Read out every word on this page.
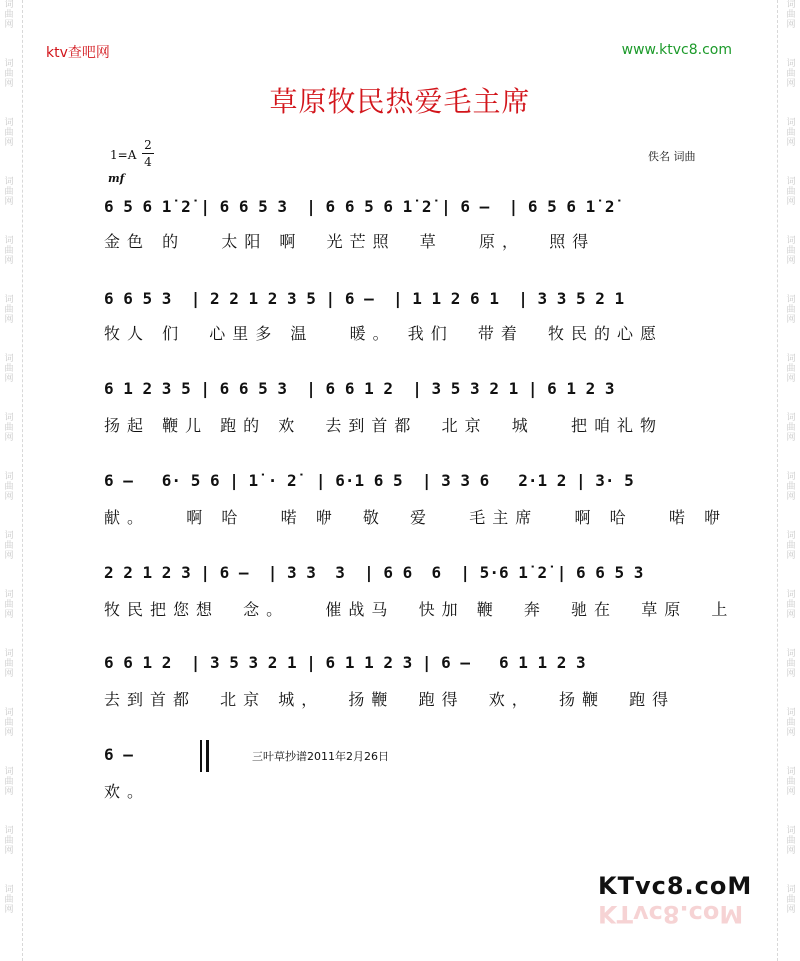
词
曲
网
词
曲
网
词
曲
网
词
曲
网
词
曲
网
词
曲
网
词
曲
网
词
曲
网
词
曲
网
词
曲
网
词
曲
网
词
曲
网
词
曲
网
词
曲
网
词
曲
网
词
曲
网
词
曲
网
词
曲
网
词
曲
网
词
曲
网
词
曲
网
词
曲
网
词
曲
网
词
曲
网
词
曲
网
词
曲
网
词
曲
网
词
曲
网
词
曲
网
词
曲
网
词
曲
网
词
曲
网
ktv查吧网	www.ktvc8.com
草原牧民热爱毛主席
1=A
2
4
mf
佚名 词曲
6 5 6 1̇ 2̇ | 6 6 5 3  | 6 6 5 6 1̇ 2̇ | 6 –  | 6 5 6 1̇ 2̇
金色 的   太阳 啊  光芒照  草   原，  照得
6 6 5 3  | 2 2 1 2 3 5 | 6 –  | 1 1 2 6 1  | 3 3 5 2 1
牧人 们  心里多 温   暖。 我们  带着  牧民的心愿
6 1 2 3 5 | 6 6 5 3  | 6 6 1 2  | 3 5 3 2 1 | 6 1 2 3
扬起 鞭儿 跑的 欢  去到首都  北京  城   把咱礼物
6 –   6· 5 6 | 1̇ · 2̇  | 6·1 6 5  | 3 3 6   2·1 2 | 3· 5
献。   啊 哈   喏 咿  敬  爱   毛主席   啊 哈   喏 咿
2 2 1 2 3 | 6 –  | 3 3  3  | 6 6  6  | 5·6 1̇ 2̇ | 6 6 5 3
牧民把您想  念。   催战马  快加 鞭  奔  驰在  草原  上
6 6 1 2  | 3 5 3 2 1 | 6 1 1 2 3 | 6 –   6 1 1 2 3
去到首都  北京 城，  扬鞭  跑得  欢，  扬鞭  跑得
6 –
欢。
三叶草抄谱2011年2月26日
KTvc8.coM
KTvc8.coM
